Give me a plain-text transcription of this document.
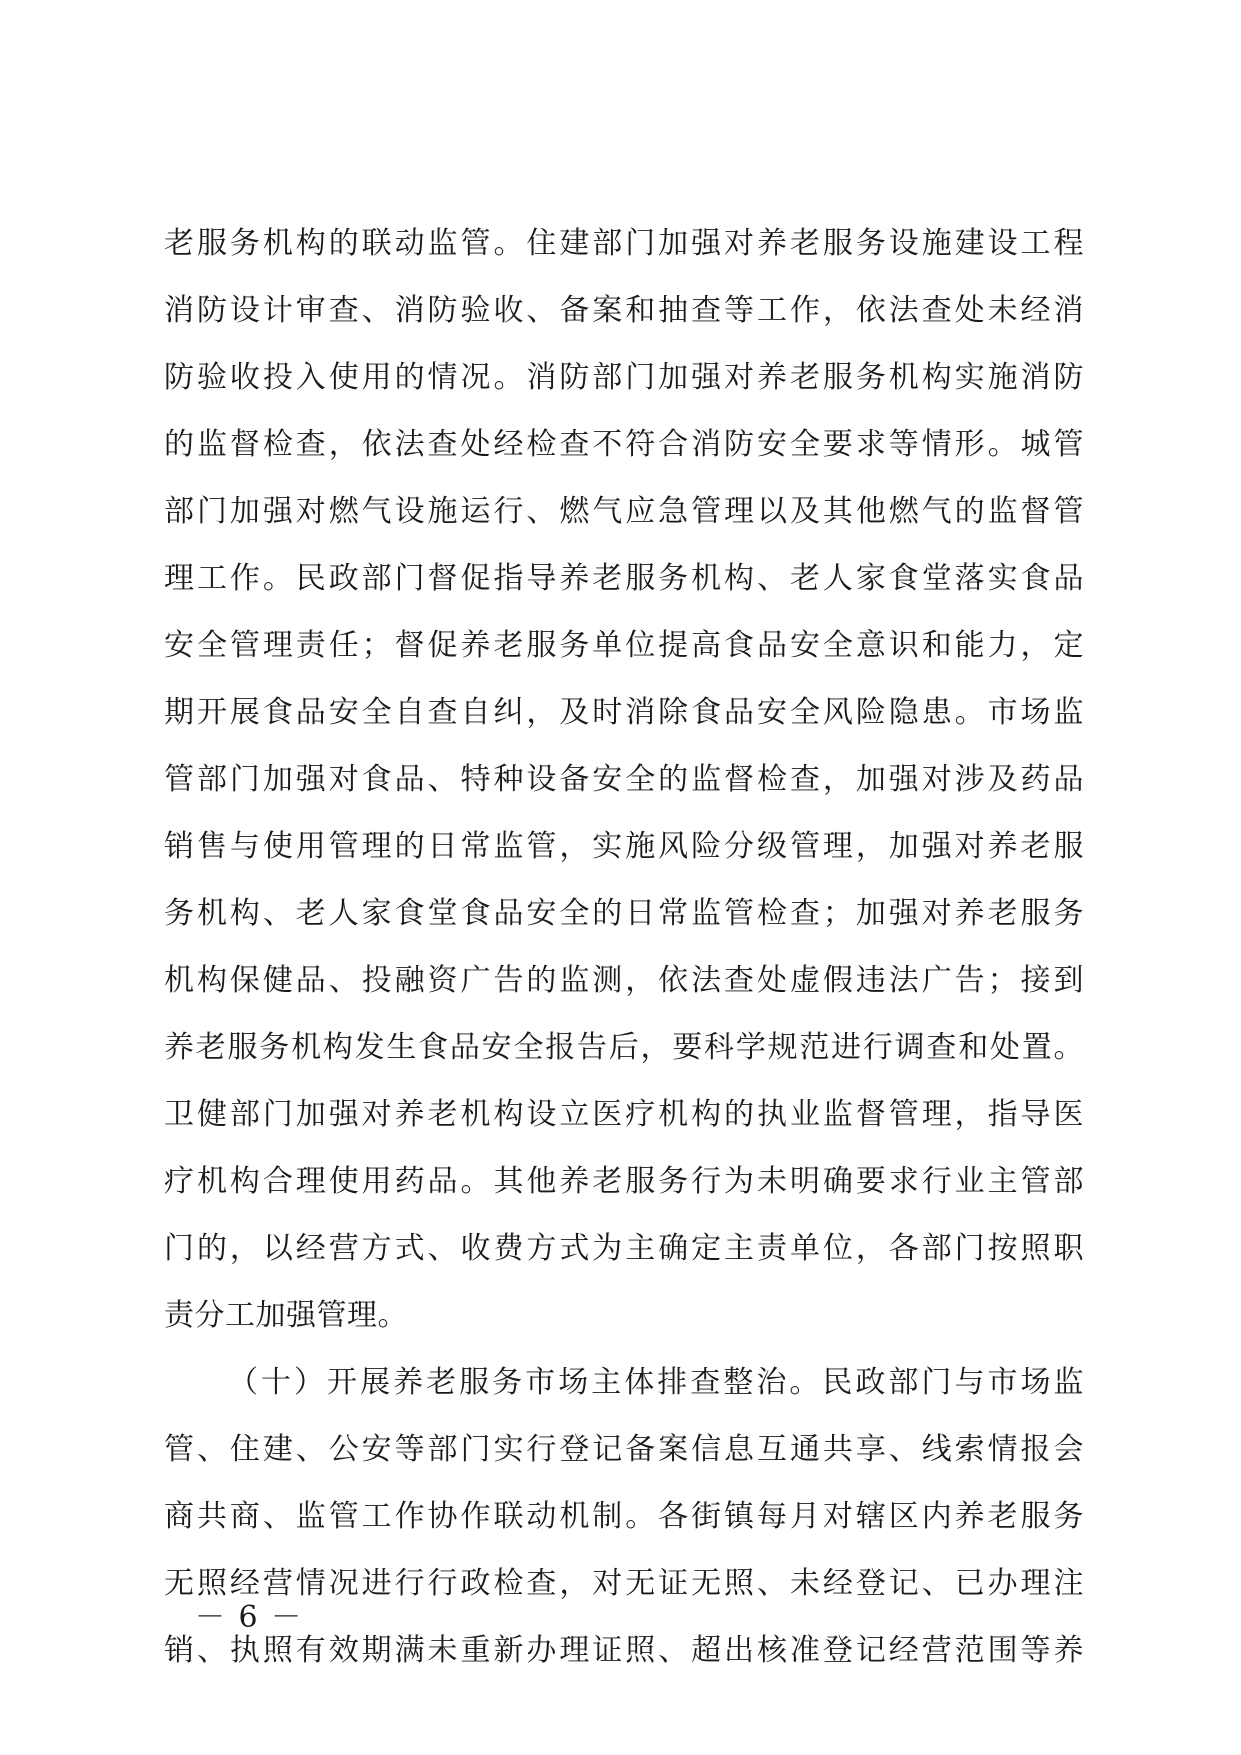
老服务机构的联动监管。住建部门加强对养老服务设施建设工程
消防设计审查、消防验收、备案和抽查等工作，依法查处未经消
防验收投入使用的情况。消防部门加强对养老服务机构实施消防
的监督检查，依法查处经检查不符合消防安全要求等情形。城管
部门加强对燃气设施运行、燃气应急管理以及其他燃气的监督管
理工作。民政部门督促指导养老服务机构、老人家食堂落实食品
安全管理责任；督促养老服务单位提高食品安全意识和能力，定
期开展食品安全自查自纠，及时消除食品安全风险隐患。市场监
管部门加强对食品、特种设备安全的监督检查，加强对涉及药品
销售与使用管理的日常监管，实施风险分级管理，加强对养老服
务机构、老人家食堂食品安全的日常监管检查；加强对养老服务
机构保健品、投融资广告的监测，依法查处虚假违法广告；接到
养老服务机构发生食品安全报告后，要科学规范进行调查和处置。
卫健部门加强对养老机构设立医疗机构的执业监督管理，指导医
疗机构合理使用药品。其他养老服务行为未明确要求行业主管部
门的，以经营方式、收费方式为主确定主责单位，各部门按照职
责分工加强管理。
（十）开展养老服务市场主体排查整治。民政部门与市场监
管、住建、公安等部门实行登记备案信息互通共享、线索情报会
商共商、监管工作协作联动机制。各街镇每月对辖区内养老服务
无照经营情况进行行政检查，对无证无照、未经登记、已办理注
销、执照有效期满未重新办理证照、超出核准登记经营范围等养
－ 6 －
